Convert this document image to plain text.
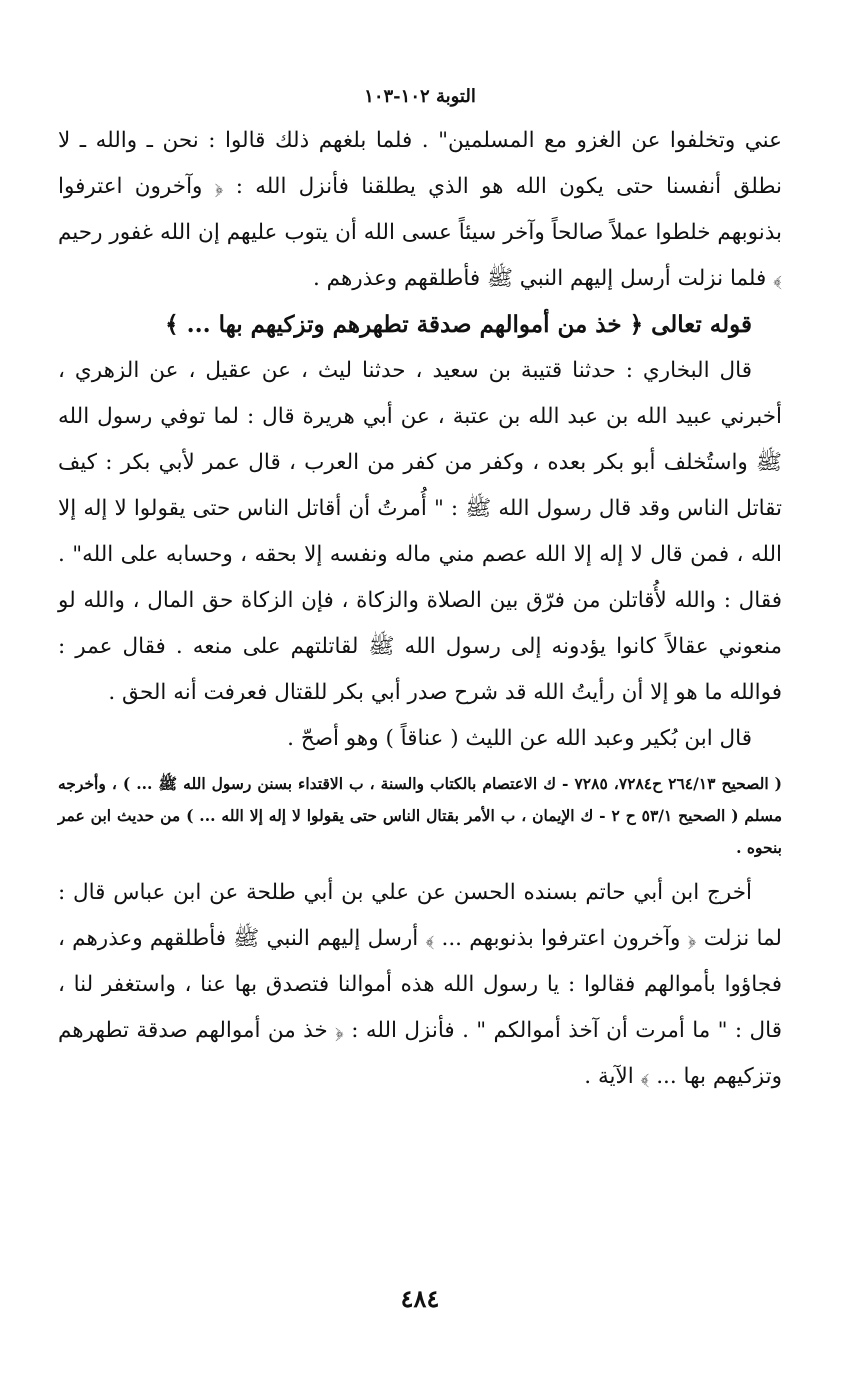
التوبة ١٠٢-١٠٣

عني وتخلفوا عن الغزو مع المسلمين" . فلما بلغهم ذلك قالوا : نحن ـ والله ـ لا نطلق أنفسنا حتى يكون الله هو الذي يطلقنا فأنزل الله : ﴿ وآخرون اعترفوا بذنوبهم خلطوا عملاً صالحاً وآخر سيئاً عسى الله أن يتوب عليهم إن الله غفور رحيم ﴾ فلما نزلت أرسل إليهم النبي ﷺ فأطلقهم وعذرهم .

قوله تعالى ﴿ خذ من أموالهم صدقة تطهرهم وتزكيهم بها ... ﴾

قال البخاري : حدثنا قتيبة بن سعيد ، حدثنا ليث ، عن عقيل ، عن الزهري ، أخبرني عبيد الله بن عبد الله بن عتبة ، عن أبي هريرة قال : لما توفي رسول الله ﷺ واستُخلف أبو بكر بعده ، وكفر من كفر من العرب ، قال عمر لأبي بكر : كيف تقاتل الناس وقد قال رسول الله ﷺ : " أُمرتُ أن أقاتل الناس حتى يقولوا لا إله إلا الله ، فمن قال لا إله إلا الله عصم مني ماله ونفسه إلا بحقه ، وحسابه على الله" . فقال : والله لأُقاتلن من فرّق بين الصلاة والزكاة ، فإن الزكاة حق المال ، والله لو منعوني عقالاً كانوا يؤدونه إلى رسول الله ﷺ لقاتلتهم على منعه . فقال عمر : فوالله ما هو إلا أن رأيتُ الله قد شرح صدر أبي بكر للقتال فعرفت أنه الحق .

قال ابن بُكير وعبد الله عن الليث ( عناقاً ) وهو أصحّ .

( الصحيح ٢٦٤/١٣ ح٧٢٨٤، ٧٢٨٥ - ك الاعتصام بالكتاب والسنة ، ب الاقتداء بسنن رسول الله ﷺ ... ) ، وأخرجه مسلم ( الصحيح ٥٣/١ ح ٢ - ك الإيمان ، ب الأمر بقتال الناس حتى يقولوا لا إله إلا الله ... ) من حديث ابن عمر بنحوه .

أخرج ابن أبي حاتم بسنده الحسن عن علي بن أبي طلحة عن ابن عباس قال : لما نزلت ﴿ وآخرون اعترفوا بذنوبهم ... ﴾ أرسل إليهم النبي ﷺ فأطلقهم وعذرهم ، فجاؤوا بأموالهم فقالوا : يا رسول الله هذه أموالنا فتصدق بها عنا ، واستغفر لنا ، قال : " ما أمرت أن آخذ أموالكم " . فأنزل الله : ﴿ خذ من أموالهم صدقة تطهرهم وتزكيهم بها ... ﴾ الآية .

٤٨٤
